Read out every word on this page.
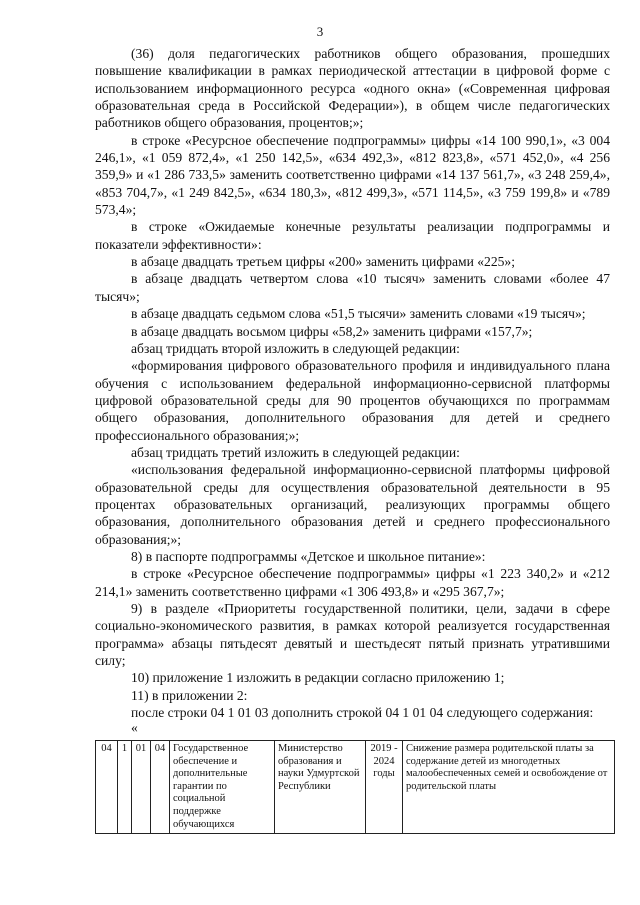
3

(36) доля педагогических работников общего образования, прошедших повышение квалификации в рамках периодической аттестации в цифровой форме с использованием информационного ресурса «одного окна» («Современная цифровая образовательная среда в Российской Федерации»), в общем числе педагогических работников общего образования, процентов;»;

в строке «Ресурсное обеспечение подпрограммы» цифры «14 100 990,1», «3 004 246,1», «1 059 872,4», «1 250 142,5», «634 492,3», «812 823,8», «571 452,0», «4 256 359,9» и «1 286 733,5» заменить соответственно цифрами «14 137 561,7», «3 248 259,4», «853 704,7», «1 249 842,5», «634 180,3», «812 499,3», «571 114,5», «3 759 199,8» и «789 573,4»;

в строке «Ожидаемые конечные результаты реализации подпрограммы и показатели эффективности»:

в абзаце двадцать третьем цифры «200» заменить цифрами «225»;

в абзаце двадцать четвертом слова «10 тысяч» заменить словами «более 47 тысяч»;

в абзаце двадцать седьмом слова «51,5 тысячи» заменить словами «19 тысяч»;

в абзаце двадцать восьмом цифры «58,2» заменить цифрами «157,7»;

абзац тридцать второй изложить в следующей редакции:

«формирования цифрового образовательного профиля и индивидуального плана обучения с использованием федеральной информационно-сервисной платформы цифровой образовательной среды для 90 процентов обучающихся по программам общего образования, дополнительного образования для детей и среднего профессионального образования;»;

абзац тридцать третий изложить в следующей редакции:

«использования федеральной информационно-сервисной платформы цифровой образовательной среды для осуществления образовательной деятельности в 95 процентах образовательных организаций, реализующих программы общего образования, дополнительного образования детей и среднего профессионального образования;»;

8) в паспорте подпрограммы «Детское и школьное питание»:

в строке «Ресурсное обеспечение подпрограммы» цифры «1 223 340,2» и «212 214,1» заменить соответственно цифрами «1 306 493,8» и «295 367,7»;

9) в разделе «Приоритеты государственной политики, цели, задачи в сфере социально-экономического развития, в рамках которой реализуется государственная программа» абзацы пятьдесят девятый и шестьдесят пятый признать утратившими силу;

10) приложение 1 изложить в редакции согласно приложению 1;

11) в приложении 2:

после строки 04 1 01 03 дополнить строкой 04 1 01 04 следующего содержания:

«
04	1	01	04	Государственное обеспечение и дополнительные гарантии по социальной поддержке обучающихся	Министерство образования и науки Удмуртской Республики	2019 - 2024 годы	Снижение размера родительской платы за содержание детей из многодетных малообеспеченных семей и освобождение от родительской платы
